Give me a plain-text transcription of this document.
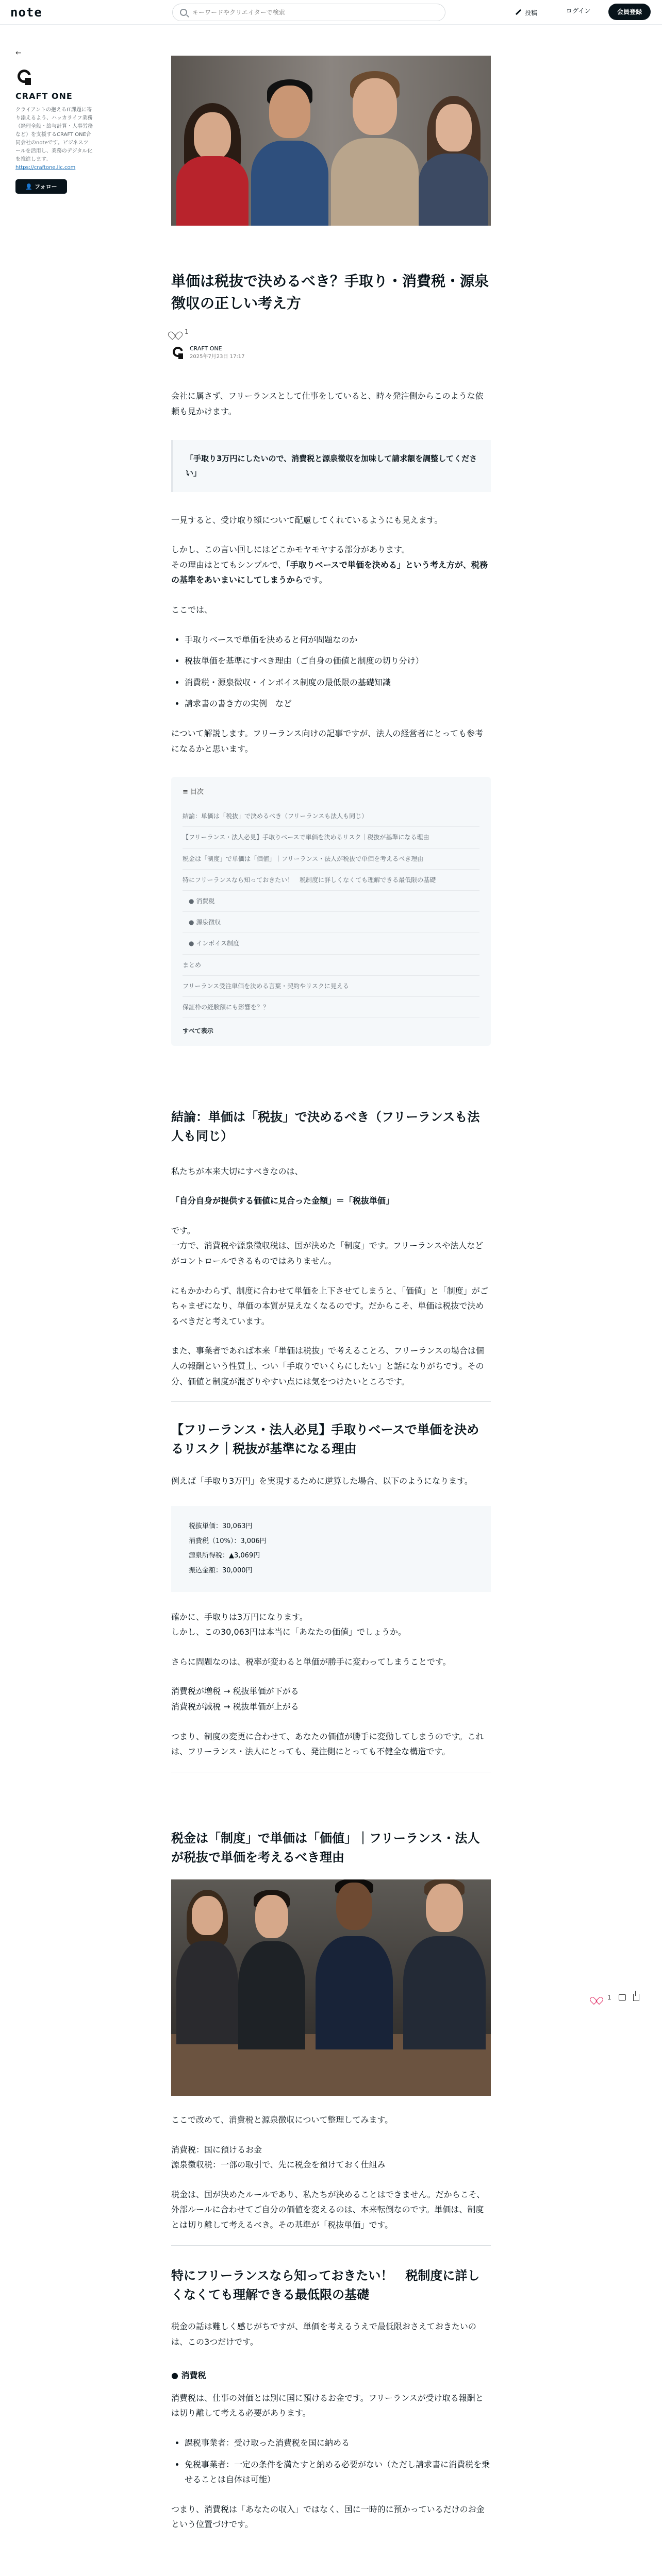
note
キーワードやクリエイターで検索	投稿	ログイン	会員登録
←
CRAFT ONE
クライアントの抱えるIT課題に寄り添えるよう、ハッカライフ業務（経理全般・給与計算・人事労務など）を支援するCRAFT ONE合同会社のnoteです。ビジネスツールを活用し、業務のデジタル化を推進します。
https://craftone.llc.com
👤 フォロー
単価は税抜で決めるべき？手取り・消費税・源泉徴収の正しい考え方
1
CRAFT ONE
2025年7月23日 17:17

会社に属さず、フリーランスとして仕事をしていると、時々発注側からこのような依頼も見かけます。

「手取り3万円にしたいので、消費税と源泉徴収を加味して請求額を調整してください」

一見すると、受け取り額について配慮してくれているようにも見えます。

しかし、この言い回しにはどこかモヤモヤする部分があります。
その理由はとてもシンプルで、「手取りベースで単価を決める」という考え方が、税務の基準をあいまいにしてしまうからです。

ここでは、

• 手取りベースで単価を決めると何が問題なのか
• 税抜単価を基準にすべき理由（ご自身の価値と制度の切り分け）
• 消費税・源泉徴収・インボイス制度の最低限の基礎知識
• 請求書の書き方の実例　など

について解説します。フリーランス向けの記事ですが、法人の経営者にとっても参考になるかと思います。

≡ 目次
結論：単価は「税抜」で決めるべき（フリーランスも法人も同じ）
【フリーランス・法人必見】手取りベースで単価を決めるリスク｜税抜が基準になる理由
税金は「制度」で単価は「価値」｜フリーランス・法人が税抜で単価を考えるべき理由
特にフリーランスなら知っておきたい！　税制度に詳しくなくても理解できる最低限の基礎
● 消費税
● 源泉徴収
● インボイス制度
まとめ
フリーランス受注単価を決める言葉・契約やリスクに見える
保証枠の経験額にも影響を？？
すべて表示
結論：単価は「税抜」で決めるべき（フリーランスも法人も同じ）

私たちが本来大切にすべきなのは、

「自分自身が提供する価値に見合った金額」＝「税抜単価」

です。
一方で、消費税や源泉徴収税は、国が決めた「制度」です。フリーランスや法人などがコントロールできるものではありません。

にもかかわらず、制度に合わせて単価を上下させてしまうと、「価値」と「制度」がごちゃまぜになり、単価の本質が見えなくなるのです。だからこそ、単価は税抜で決めるべきだと考えています。

また、事業者であれば本来「単価は税抜」で考えることろ、フリーランスの場合は個人の報酬という性質上、つい「手取りでいくらにしたい」と話になりがちです。その分、価値と制度が混ざりやすい点には気をつけたいところです。

【フリーランス・法人必見】手取りベースで単価を決めるリスク｜税抜が基準になる理由

例えば「手取り3万円」を実現するために逆算した場合、以下のようになります。

税抜単価：30,063円
消費税（10%）：3,006円
源泉所得税：▲3,069円
振込金額：30,000円

確かに、手取りは3万円になります。
しかし、この30,063円は本当に「あなたの価値」でしょうか。

さらに問題なのは、税率が変わると単価が勝手に変わってしまうことです。

消費税が増税 → 税抜単価が下がる
消費税が減税 → 税抜単価が上がる

つまり、制度の変更に合わせて、あなたの価値が勝手に変動してしまうのです。これは、フリーランス・法人にとっても、発注側にとっても不健全な構造です。

税金は「制度」で単価は「価値」｜フリーランス・法人が税抜で単価を考えるべき理由

ここで改めて、消費税と源泉徴収について整理してみます。

消費税：国に預けるお金
源泉徴収税：一部の取引で、先に税金を預けておく仕組み

税金は、国が決めたルールであり、私たちが決めることはできません。だからこそ、外部ルールに合わせてご自分の価値を変えるのは、本来転倒なのです。単価は、制度とは切り離して考えるべき。その基準が「税抜単価」です。

特にフリーランスなら知っておきたい！　税制度に詳しくなくても理解できる最低限の基礎

税金の話は難しく感じがちですが、単価を考えるうえで最低限おさえておきたいのは、この3つだけです。

● 消費税

消費税は、仕事の対価とは別に国に預けるお金です。フリーランスが受け取る報酬とは切り離して考える必要があります。

• 課税事業者：受け取った消費税を国に納める
• 免税事業者：一定の条件を満たすと納める必要がない（ただし請求書に消費税を乗せることは自体は可能）

つまり、消費税は「あなたの収入」ではなく、国に一時的に預かっているだけのお金という位置づけです。

1
